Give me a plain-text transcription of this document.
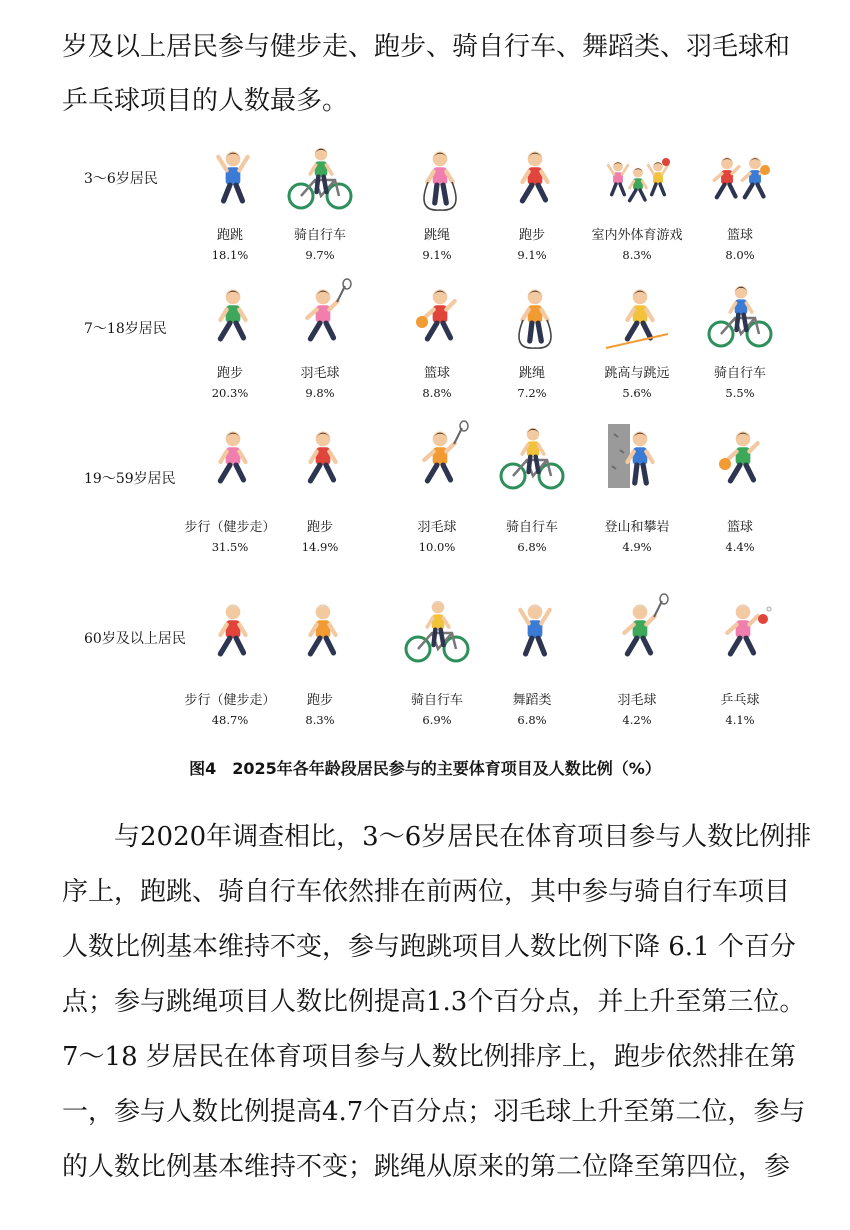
岁及以上居民参与健步走、跑步、骑自行车、舞蹈类、羽毛球和
乒乓球项目的人数最多。
3～6岁居民
跑跳
18.1%
骑自行车
9.7%
跳绳
9.1%
跑步
9.1%
室内外体育游戏
8.3%
篮球
8.0%
7～18岁居民
跑步
20.3%
羽毛球
9.8%
篮球
8.8%
跳绳
7.2%
跳高与跳远
5.6%
骑自行车
5.5%
19～59岁居民
步行（健步走）
31.5%
跑步
14.9%
羽毛球
10.0%
骑自行车
6.8%
登山和攀岩
4.9%
篮球
4.4%
60岁及以上居民
步行（健步走）
48.7%
跑步
8.3%
骑自行车
6.9%
舞蹈类
6.8%
羽毛球
4.2%
乒乓球
4.1%
图4　2025年各年龄段居民参与的主要体育项目及人数比例（%）
　　与2020年调查相比，3～6岁居民在体育项目参与人数比例排
序上，跑跳、骑自行车依然排在前两位，其中参与骑自行车项目
人数比例基本维持不变，参与跑跳项目人数比例下降 6.1 个百分
点；参与跳绳项目人数比例提高1.3个百分点，并上升至第三位。
7～18 岁居民在体育项目参与人数比例排序上，跑步依然排在第
一，参与人数比例提高4.7个百分点；羽毛球上升至第二位，参与
的人数比例基本维持不变；跳绳从原来的第二位降至第四位，参
